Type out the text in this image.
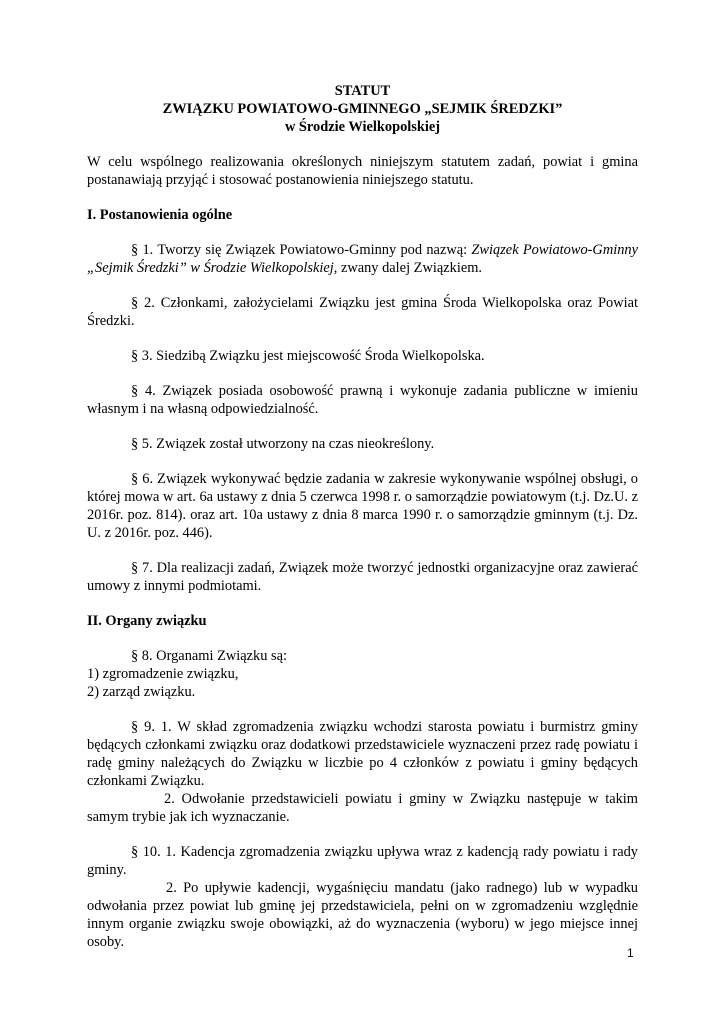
STATUT
ZWIĄZKU POWIATOWO-GMINNEGO „SEJMIK ŚREDZKI”
w Środzie Wielkopolskiej

W celu wspólnego realizowania określonych niniejszym statutem zadań, powiat i gmina postanawiają przyjąć i stosować postanowienia niniejszego statutu.

I. Postanowienia ogólne

§ 1. Tworzy się Związek Powiatowo-Gminny pod nazwą: Związek Powiatowo-Gminny „Sejmik Średzki” w Środzie Wielkopolskiej, zwany dalej Związkiem.

§ 2. Członkami, założycielami Związku jest gmina Środa Wielkopolska oraz Powiat Średzki.

§ 3. Siedzibą Związku jest miejscowość Środa Wielkopolska.

§ 4. Związek posiada osobowość prawną i wykonuje zadania publiczne w imieniu własnym i na własną odpowiedzialność.

§ 5. Związek został utworzony na czas nieokreślony.

§ 6. Związek wykonywać będzie zadania w zakresie wykonywanie wspólnej obsługi, o której mowa w art. 6a ustawy z dnia 5 czerwca 1998 r. o samorządzie powiatowym (t.j. Dz.U. z 2016r. poz. 814). oraz art. 10a ustawy z dnia 8 marca 1990 r. o samorządzie gminnym (t.j. Dz. U. z 2016r. poz. 446).

§ 7. Dla realizacji zadań, Związek może tworzyć jednostki organizacyjne oraz zawierać umowy z innymi podmiotami.

II. Organy związku

§ 8. Organami Związku są:

1) zgromadzenie związku,

2) zarząd związku.

§ 9. 1. W skład zgromadzenia związku wchodzi starosta powiatu i burmistrz gminy będących członkami związku oraz dodatkowi przedstawiciele wyznaczeni przez radę powiatu i radę gminy należących do Związku w liczbie po 4 członków z powiatu i gminy będących członkami Związku.

2. Odwołanie przedstawicieli powiatu i gminy w Związku następuje w takim samym trybie jak ich wyznaczanie.

§ 10. 1. Kadencja zgromadzenia związku upływa wraz z kadencją rady powiatu i rady gminy.

2. Po upływie kadencji, wygaśnięciu mandatu (jako radnego) lub w wypadku odwołania przez powiat lub gminę jej przedstawiciela, pełni on w zgromadzeniu względnie innym organie związku swoje obowiązki, aż do wyznaczenia (wyboru) w jego miejsce innej osoby.

1
